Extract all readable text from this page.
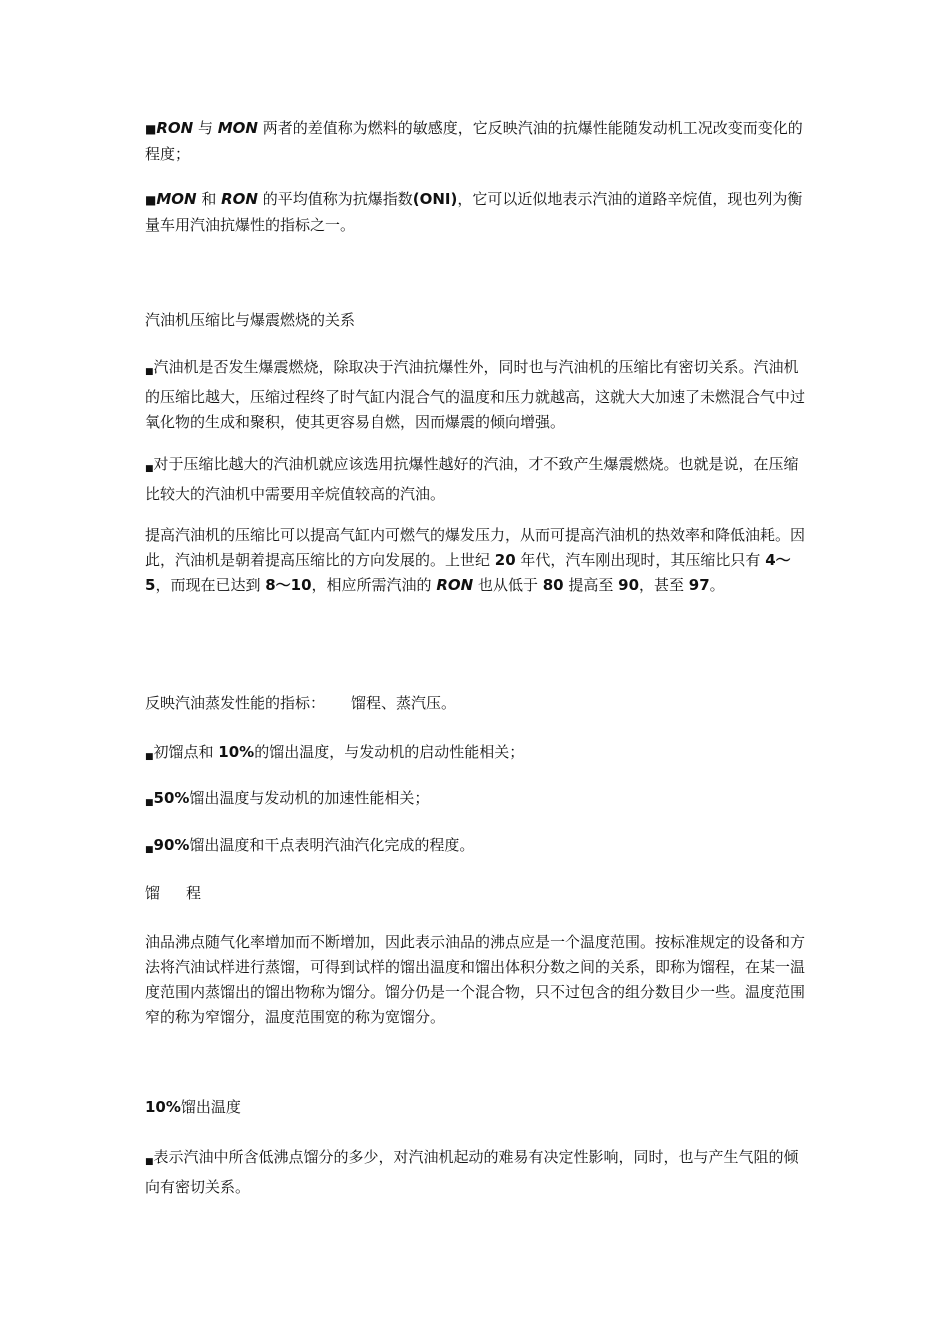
■RON 与 MON 两者的差值称为燃料的敏感度，它反映汽油的抗爆性能随发动机工况改变而变化的程度；

■MON 和 RON 的平均值称为抗爆指数(ONI)，它可以近似地表示汽油的道路辛烷值，现也列为衡量车用汽油抗爆性的指标之一。

汽油机压缩比与爆震燃烧的关系

■汽油机是否发生爆震燃烧，除取决于汽油抗爆性外，同时也与汽油机的压缩比有密切关系。汽油机的压缩比越大，压缩过程终了时气缸内混合气的温度和压力就越高，这就大大加速了未燃混合气中过氧化物的生成和聚积，使其更容易自燃，因而爆震的倾向增强。

■对于压缩比越大的汽油机就应该选用抗爆性越好的汽油，才不致产生爆震燃烧。也就是说，在压缩比较大的汽油机中需要用辛烷值较高的汽油。

提高汽油机的压缩比可以提高气缸内可燃气的爆发压力，从而可提高汽油机的热效率和降低油耗。因此，汽油机是朝着提高压缩比的方向发展的。上世纪 20 年代，汽车刚出现时，其压缩比只有 4～5，而现在已达到 8～10，相应所需汽油的 RON 也从低于 80 提高至 90，甚至 97。

反映汽油蒸发性能的指标： 馏程、蒸汽压。

■初馏点和 10%的馏出温度，与发动机的启动性能相关；

■50%馏出温度与发动机的加速性能相关；

■90%馏出温度和干点表明汽油汽化完成的程度。

馏 程

油品沸点随气化率增加而不断增加，因此表示油品的沸点应是一个温度范围。按标准规定的设备和方法将汽油试样进行蒸馏，可得到试样的馏出温度和馏出体积分数之间的关系，即称为馏程，在某一温度范围内蒸馏出的馏出物称为馏分。馏分仍是一个混合物，只不过包含的组分数目少一些。温度范围窄的称为窄馏分，温度范围宽的称为宽馏分。

10%馏出温度

■表示汽油中所含低沸点馏分的多少，对汽油机起动的难易有决定性影响，同时，也与产生气阻的倾向有密切关系。
